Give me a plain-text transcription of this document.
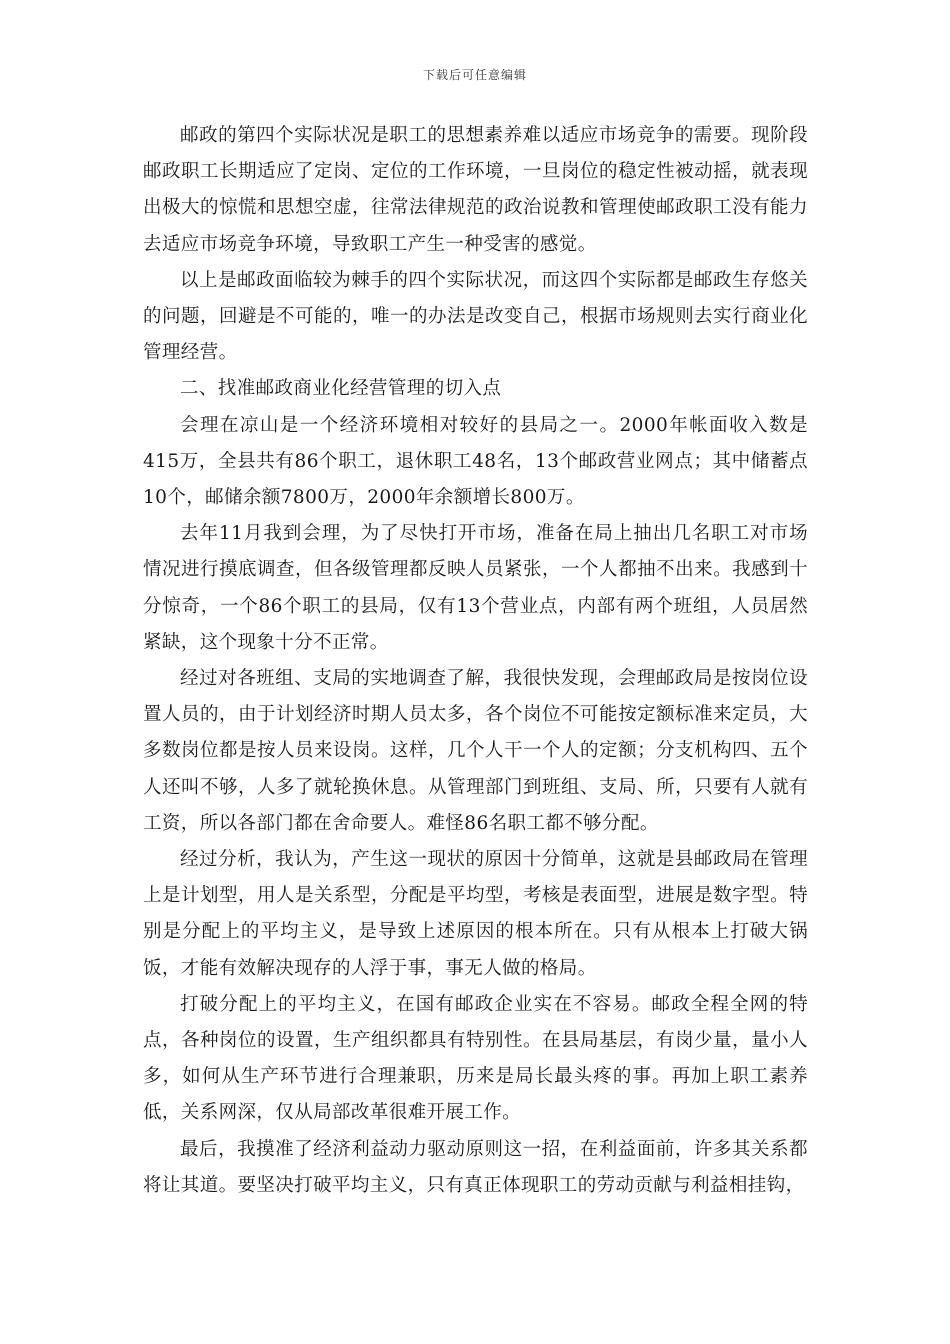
下载后可任意编辑

邮政的第四个实际状况是职工的思想素养难以适应市场竞争的需要。现阶段邮政职工长期适应了定岗、定位的工作环境，一旦岗位的稳定性被动摇，就表现出极大的惊慌和思想空虚，往常法律规范的政治说教和管理使邮政职工没有能力去适应市场竞争环境，导致职工产生一种受害的感觉。

以上是邮政面临较为棘手的四个实际状况，而这四个实际都是邮政生存悠关的问题，回避是不可能的，唯一的办法是改变自己，根据市场规则去实行商业化管理经营。

二、找准邮政商业化经营管理的切入点

会理在凉山是一个经济环境相对较好的县局之一。2000年帐面收入数是415万，全县共有86个职工，退休职工48名，13个邮政营业网点；其中储蓄点10个，邮储余额7800万，2000年余额增长800万。

去年11月我到会理，为了尽快打开市场，准备在局上抽出几名职工对市场情况进行摸底调查，但各级管理都反映人员紧张，一个人都抽不出来。我感到十分惊奇，一个86个职工的县局，仅有13个营业点，内部有两个班组，人员居然紧缺，这个现象十分不正常。

经过对各班组、支局的实地调查了解，我很快发现，会理邮政局是按岗位设置人员的，由于计划经济时期人员太多，各个岗位不可能按定额标准来定员，大多数岗位都是按人员来设岗。这样，几个人干一个人的定额；分支机构四、五个人还叫不够，人多了就轮换休息。从管理部门到班组、支局、所，只要有人就有工资，所以各部门都在舍命要人。难怪86名职工都不够分配。

经过分析，我认为，产生这一现状的原因十分简单，这就是县邮政局在管理上是计划型，用人是关系型，分配是平均型，考核是表面型，进展是数字型。特别是分配上的平均主义，是导致上述原因的根本所在。只有从根本上打破大锅饭，才能有效解决现存的人浮于事，事无人做的格局。

打破分配上的平均主义，在国有邮政企业实在不容易。邮政全程全网的特点，各种岗位的设置，生产组织都具有特别性。在县局基层，有岗少量，量小人多，如何从生产环节进行合理兼职，历来是局长最头疼的事。再加上职工素养低，关系网深，仅从局部改革很难开展工作。

最后，我摸准了经济利益动力驱动原则这一招，在利益面前，许多其关系都将让其道。要坚决打破平均主义，只有真正体现职工的劳动贡献与利益相挂钩，
